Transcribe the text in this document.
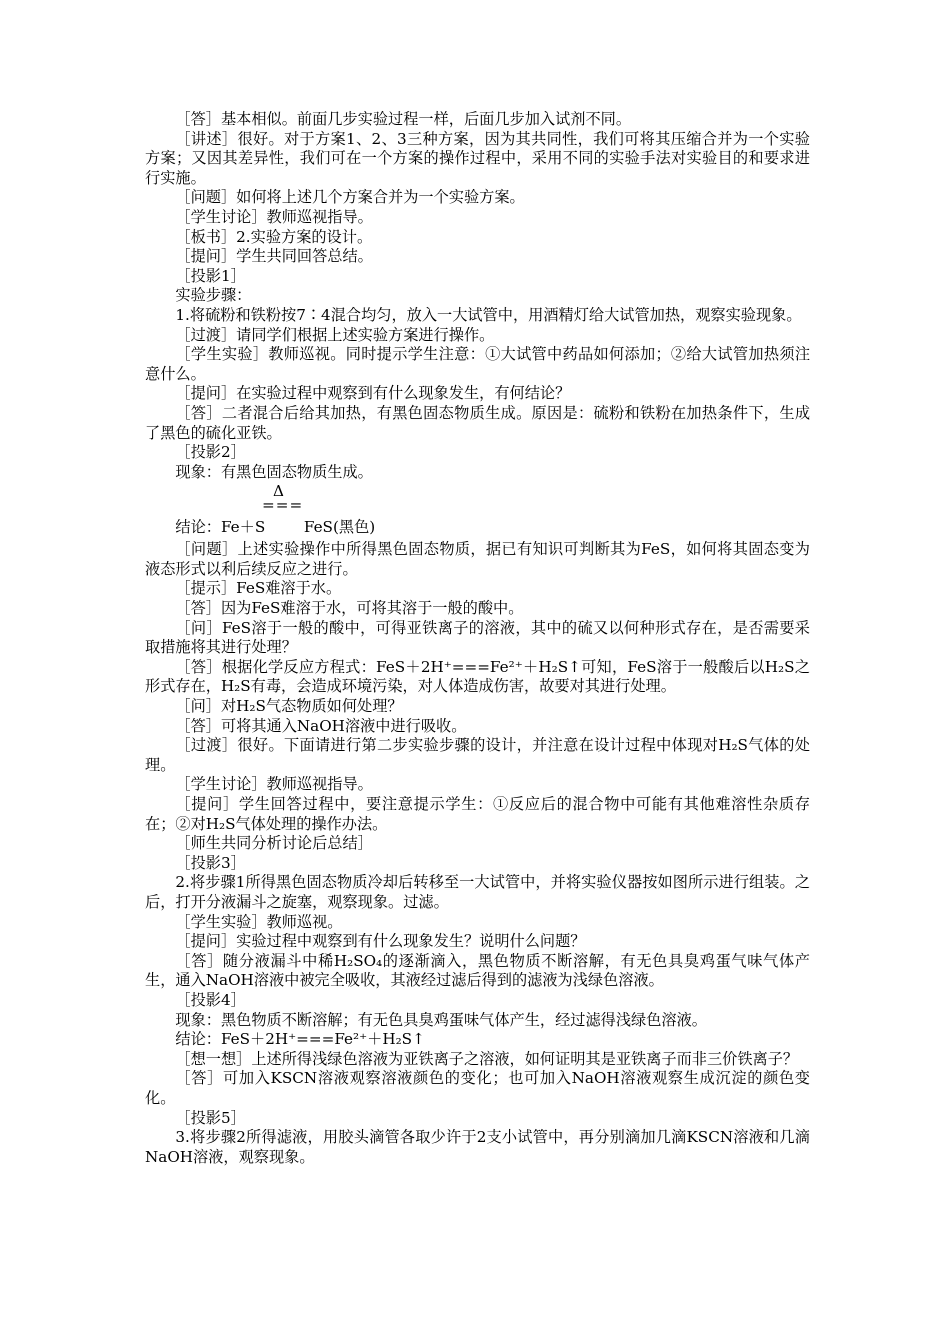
［答］基本相似。前面几步实验过程一样，后面几步加入试剂不同。

［讲述］很好。对于方案1、2、3三种方案，因为其共同性，我们可将其压缩合并为一个实验方案；又因其差异性，我们可在一个方案的操作过程中，采用不同的实验手法对实验目的和要求进行实施。

［问题］如何将上述几个方案合并为一个实验方案。

［学生讨论］教师巡视指导。

［板书］2.实验方案的设计。

［提问］学生共同回答总结。

［投影1］

实验步骤：

1.将硫粉和铁粉按7∶4混合均匀，放入一大试管中，用酒精灯给大试管加热，观察实验现象。

［过渡］请同学们根据上述实验方案进行操作。

［学生实验］教师巡视。同时提示学生注意：①大试管中药品如何添加；②给大试管加热须注意什么。

［提问］在实验过程中观察到有什么现象发生，有何结论？

［答］二者混合后给其加热，有黑色固态物质生成。原因是：硫粉和铁粉在加热条件下，生成了黑色的硫化亚铁。

［投影2］

现象：有黑色固态物质生成。

Δ
===
结论：Fe＋S        FeS(黑色)

［问题］上述实验操作中所得黑色固态物质，据已有知识可判断其为FeS，如何将其固态变为液态形式以利后续反应之进行。

［提示］FeS难溶于水。

［答］因为FeS难溶于水，可将其溶于一般的酸中。

［问］FeS溶于一般的酸中，可得亚铁离子的溶液，其中的硫又以何种形式存在，是否需要采取措施将其进行处理？

［答］根据化学反应方程式：FeS＋2H⁺===Fe²⁺＋H₂S↑可知，FeS溶于一般酸后以H₂S之形式存在，H₂S有毒，会造成环境污染，对人体造成伤害，故要对其进行处理。

［问］对H₂S气态物质如何处理？

［答］可将其通入NaOH溶液中进行吸收。

［过渡］很好。下面请进行第二步实验步骤的设计，并注意在设计过程中体现对H₂S气体的处理。

［学生讨论］教师巡视指导。

［提问］学生回答过程中，要注意提示学生：①反应后的混合物中可能有其他难溶性杂质存在；②对H₂S气体处理的操作办法。

［师生共同分析讨论后总结］

［投影3］

2.将步骤1所得黑色固态物质冷却后转移至一大试管中，并将实验仪器按如图所示进行组装。之后，打开分液漏斗之旋塞，观察现象。过滤。

［学生实验］教师巡视。

［提问］实验过程中观察到有什么现象发生？说明什么问题？

［答］随分液漏斗中稀H₂SO₄的逐渐滴入，黑色物质不断溶解，有无色具臭鸡蛋气味气体产生，通入NaOH溶液中被完全吸收，其液经过滤后得到的滤液为浅绿色溶液。

［投影4］

现象：黑色物质不断溶解；有无色具臭鸡蛋味气体产生，经过滤得浅绿色溶液。

结论：FeS＋2H⁺===Fe²⁺＋H₂S↑

［想一想］上述所得浅绿色溶液为亚铁离子之溶液，如何证明其是亚铁离子而非三价铁离子？

［答］可加入KSCN溶液观察溶液颜色的变化；也可加入NaOH溶液观察生成沉淀的颜色变化。

［投影5］

3.将步骤2所得滤液，用胶头滴管各取少许于2支小试管中，再分别滴加几滴KSCN溶液和几滴NaOH溶液，观察现象。
